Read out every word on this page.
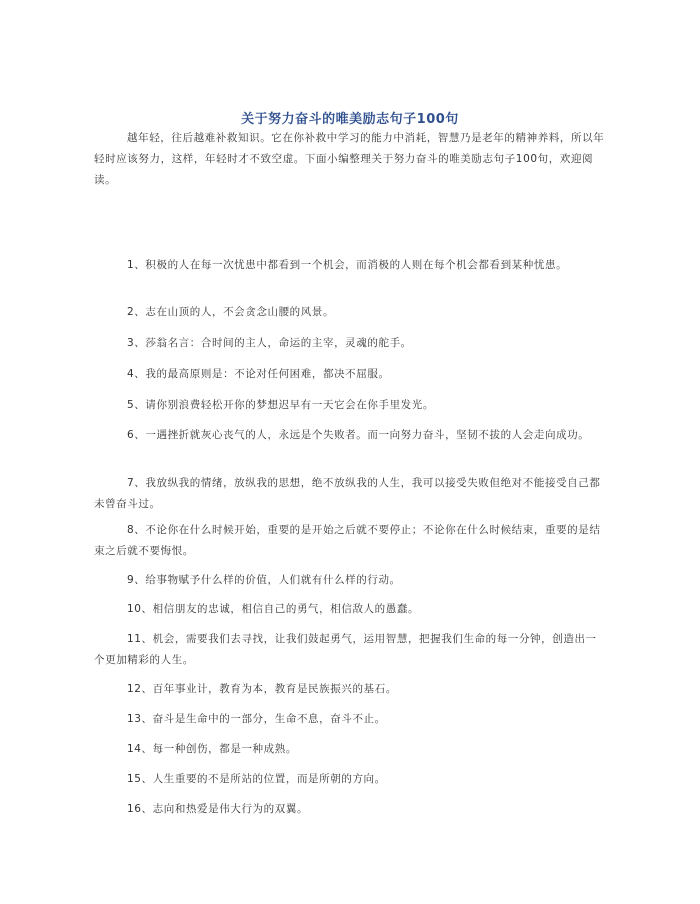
关于努力奋斗的唯美励志句子100句
越年轻，往后越难补救知识。它在你补救中学习的能力中消耗，智慧乃是老年的精神养料，所以年轻时应该努力，这样，年轻时才不致空虚。下面小编整理关于努力奋斗的唯美励志句子100句，欢迎阅读。
1、积极的人在每一次忧患中都看到一个机会，而消极的人则在每个机会都看到某种忧患。
2、志在山顶的人，不会贪念山腰的风景。
3、莎翁名言：合时间的主人，命运的主宰，灵魂的舵手。
4、我的最高原则是：不论对任何困难，都决不屈服。
5、请你别浪费轻松开你的梦想迟早有一天它会在你手里发光。
6、一遇挫折就灰心丧气的人，永远是个失败者。而一向努力奋斗，坚韧不拔的人会走向成功。
7、我放纵我的情绪，放纵我的思想，绝不放纵我的人生，我可以接受失败但绝对不能接受自己都未曾奋斗过。
8、不论你在什么时候开始，重要的是开始之后就不要停止；不论你在什么时候结束，重要的是结束之后就不要悔恨。
9、给事物赋予什么样的价值，人们就有什么样的行动。
10、相信朋友的忠诚，相信自己的勇气，相信敌人的愚蠢。
11、机会，需要我们去寻找，让我们鼓起勇气，运用智慧，把握我们生命的每一分钟，创造出一个更加精彩的人生。
12、百年事业计，教育为本，教育是民族振兴的基石。
13、奋斗是生命中的一部分，生命不息，奋斗不止。
14、每一种创伤，都是一种成熟。
15、人生重要的不是所站的位置，而是所朝的方向。
16、志向和热爱是伟大行为的双翼。
